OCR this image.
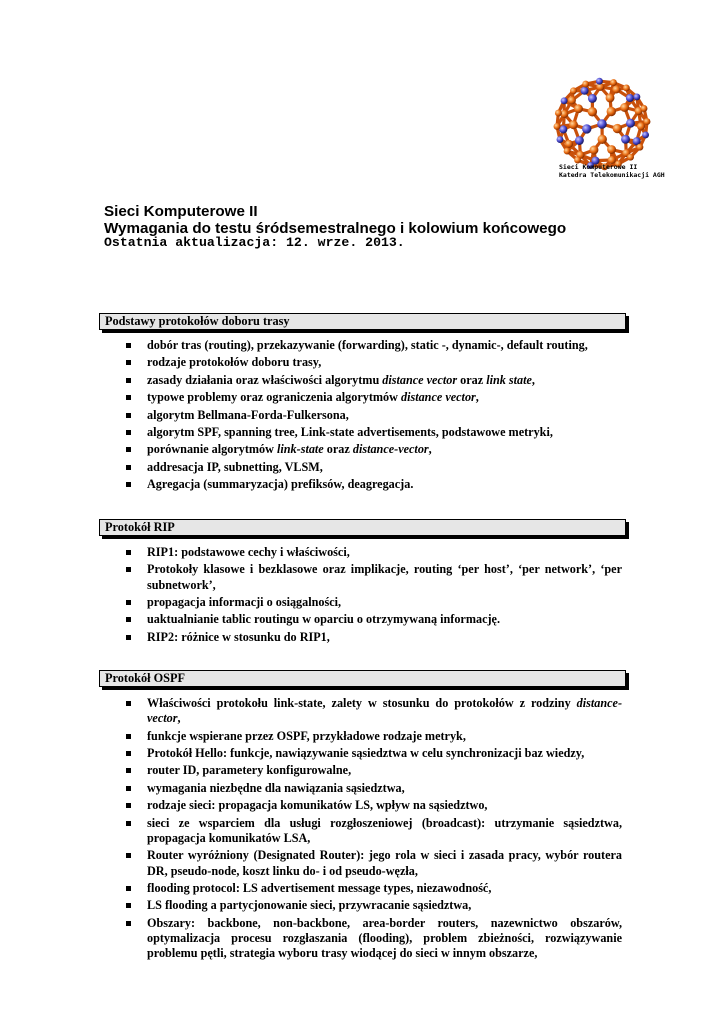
Sieci Komputerowe II
Katedra Telekomunikacji AGH
Sieci Komputerowe II
Wymagania do testu śródsemestralnego i kolowium końcowego
Ostatnia aktualizacja: 12. wrze. 2013.
Podstawy protokołów doboru trasy
dobór tras (routing), przekazywanie (forwarding), static -, dynamic-, default routing,
rodzaje protokołów doboru trasy,
zasady działania oraz właściwości algorytmu distance vector oraz link state,
typowe problemy oraz ograniczenia algorytmów distance vector,
algorytm Bellmana-Forda-Fulkersona,
algorytm SPF, spanning tree, Link-state advertisements, podstawowe metryki,
porównanie algorytmów link-state oraz distance-vector,
addresacja IP, subnetting, VLSM,
Agregacja (summaryzacja) prefiksów, deagregacja.
Protokół RIP
RIP1: podstawowe cechy i właściwości,
Protokoły klasowe i bezklasowe oraz implikacje, routing ‘per host’, ‘per network’, ‘per subnetwork’,
propagacja informacji o osiągalności,
uaktualnianie tablic routingu w oparciu o otrzymywaną informację.
RIP2: różnice w stosunku do RIP1,
Protokół OSPF
Właściwości protokołu link-state, zalety w stosunku do protokołów z rodziny distance-vector,
funkcje wspierane przez OSPF, przykładowe rodzaje metryk,
Protokół Hello: funkcje, nawiązywanie sąsiedztwa w celu synchronizacji baz wiedzy,
router ID, parametery konfigurowalne,
wymagania niezbędne dla nawiązania sąsiedztwa,
rodzaje sieci: propagacja komunikatów LS, wpływ na sąsiedztwo,
sieci ze wsparciem dla usługi rozgłoszeniowej (broadcast): utrzymanie sąsiedztwa, propagacja komunikatów LSA,
Router wyróżniony (Designated Router): jego rola w sieci i zasada pracy, wybór routera DR, pseudo-node, koszt linku do- i od pseudo-węzła,
flooding protocol: LS advertisement message types, niezawodność,
LS flooding a partycjonowanie sieci, przywracanie sąsiedztwa,
Obszary: backbone, non-backbone, area-border routers, nazewnictwo obszarów, optymalizacja procesu rozgłaszania (flooding), problem zbieżności, rozwiązywanie problemu pętli, strategia wyboru trasy wiodącej do sieci w innym obszarze,
